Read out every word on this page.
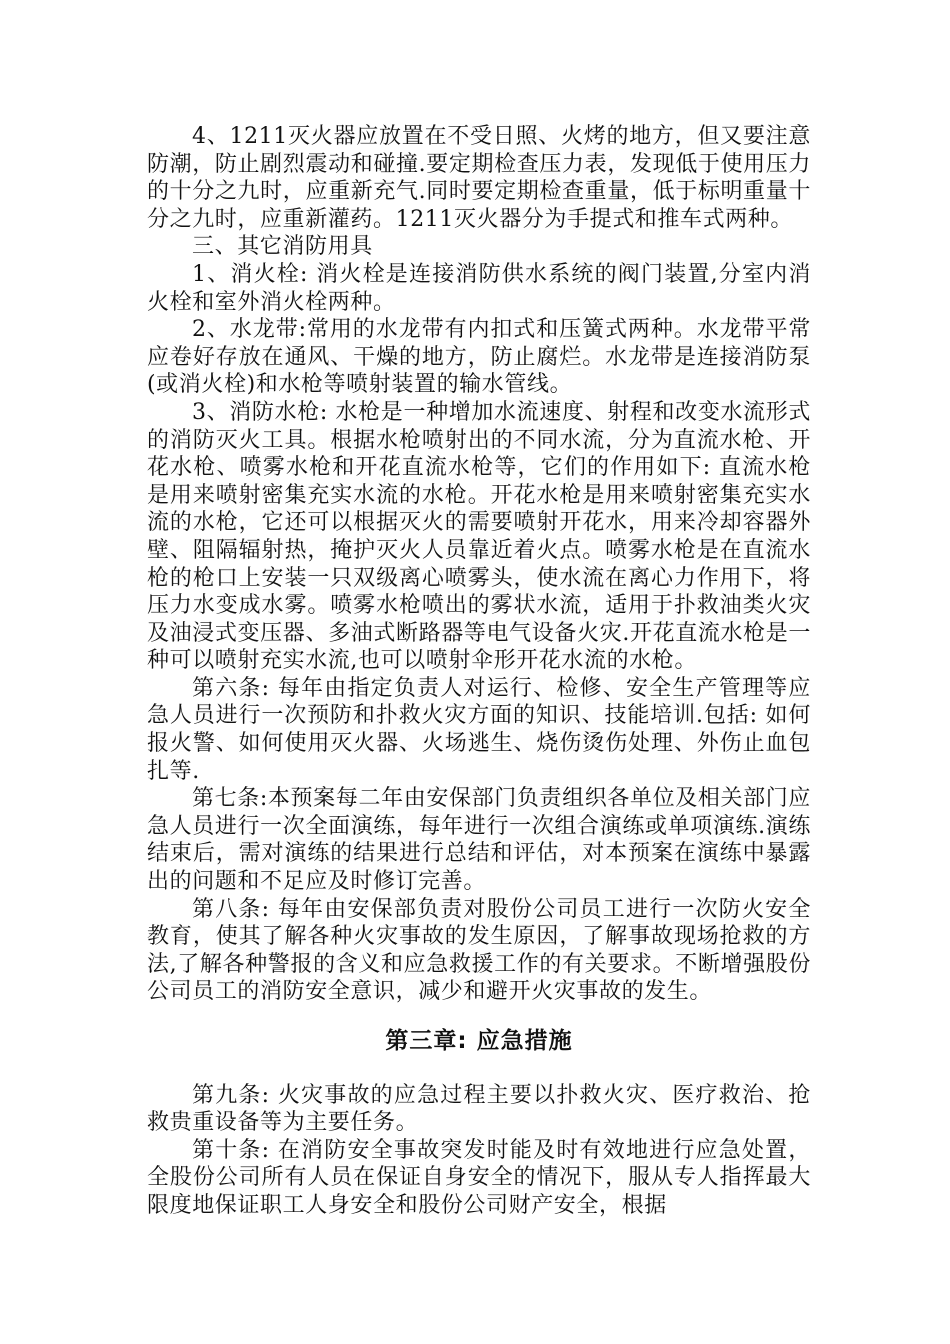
4、1211灭火器应放置在不受日照、火烤的地方，但又要注意防潮，防止剧烈震动和碰撞.要定期检查压力表，发现低于使用压力的十分之九时，应重新充气.同时要定期检查重量，低于标明重量十分之九时，应重新灌药。1211灭火器分为手提式和推车式两种。

三、其它消防用具

1、消火栓: 消火栓是连接消防供水系统的阀门装置,分室内消火栓和室外消火栓两种。

2、水龙带:常用的水龙带有内扣式和压簧式两种。水龙带平常应卷好存放在通风、干燥的地方，防止腐烂。水龙带是连接消防泵(或消火栓)和水枪等喷射装置的输水管线。

3、消防水枪: 水枪是一种增加水流速度、射程和改变水流形式的消防灭火工具。根据水枪喷射出的不同水流，分为直流水枪、开花水枪、喷雾水枪和开花直流水枪等，它们的作用如下: 直流水枪是用来喷射密集充实水流的水枪。开花水枪是用来喷射密集充实水流的水枪，它还可以根据灭火的需要喷射开花水，用来冷却容器外壁、阻隔辐射热，掩护灭火人员靠近着火点。喷雾水枪是在直流水枪的枪口上安装一只双级离心喷雾头，使水流在离心力作用下，将压力水变成水雾。喷雾水枪喷出的雾状水流，适用于扑救油类火灾及油浸式变压器、多油式断路器等电气设备火灾.开花直流水枪是一种可以喷射充实水流,也可以喷射伞形开花水流的水枪。

第六条: 每年由指定负责人对运行、检修、安全生产管理等应急人员进行一次预防和扑救火灾方面的知识、技能培训.包括: 如何报火警、如何使用灭火器、火场逃生、烧伤烫伤处理、外伤止血包扎等.

第七条:本预案每二年由安保部门负责组织各单位及相关部门应急人员进行一次全面演练，每年进行一次组合演练或单项演练.演练结束后，需对演练的结果进行总结和评估，对本预案在演练中暴露出的问题和不足应及时修订完善。

第八条: 每年由安保部负责对股份公司员工进行一次防火安全教育，使其了解各种火灾事故的发生原因，了解事故现场抢救的方法,了解各种警报的含义和应急救援工作的有关要求。不断增强股份公司员工的消防安全意识，减少和避开火灾事故的发生。

第三章: 应急措施

第九条: 火灾事故的应急过程主要以扑救火灾、医疗救治、抢救贵重设备等为主要任务。

第十条: 在消防安全事故突发时能及时有效地进行应急处置，全股份公司所有人员在保证自身安全的情况下，服从专人指挥最大限度地保证职工人身安全和股份公司财产安全，根据
